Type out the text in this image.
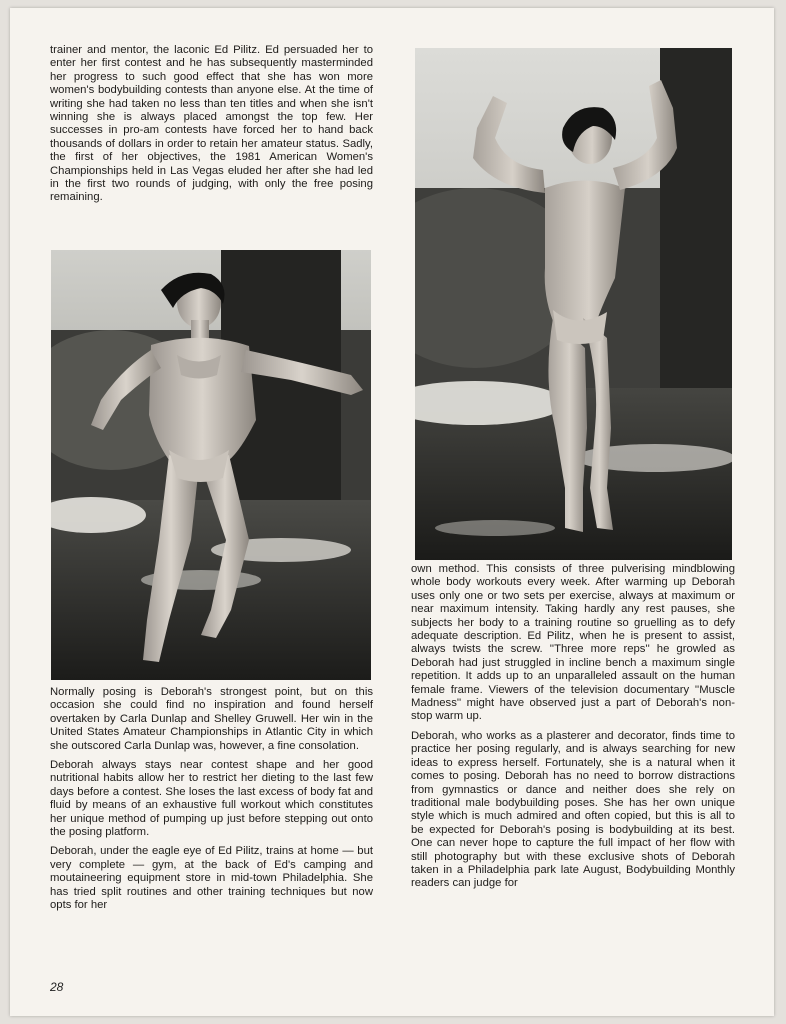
trainer and mentor, the laconic Ed Pilitz. Ed persuaded her to enter her first contest and he has subsequently masterminded her progress to such good effect that she has won more women's bodybuilding contests than anyone else. At the time of writing she had taken no less than ten titles and when she isn't winning she is always placed amongst the top few. Her successes in pro-am contests have forced her to hand back thousands of dollars in order to retain her amateur status. Sadly, the first of her objectives, the 1981 American Women's Championships held in Las Vegas eluded her after she had led in the first two rounds of judging, with only the free posing remaining.

Normally posing is Deborah's strongest point, but on this occasion she could find no inspiration and found herself overtaken by Carla Dunlap and Shelley Gruwell. Her win in the United States Amateur Championships in Atlantic City in which she outscored Carla Dunlap was, however, a fine consolation.

Deborah always stays near contest shape and her good nutritional habits allow her to restrict her dieting to the last few days before a contest. She loses the last excess of body fat and fluid by means of an exhaustive full workout which constitutes her unique method of pumping up just before stepping out onto the posing platform.

Deborah, under the eagle eye of Ed Pilitz, trains at home — but very complete — gym, at the back of Ed's camping and moutaineering equipment store in mid-town Philadelphia. She has tried split routines and other training techniques but now opts for her

own method. This consists of three pulverising mindblowing whole body workouts every week. After warming up Deborah uses only one or two sets per exercise, always at maximum or near maximum intensity. Taking hardly any rest pauses, she subjects her body to a training routine so gruelling as to defy adequate description. Ed Pilitz, when he is present to assist, always twists the screw. ''Three more reps'' he growled as Deborah had just struggled in incline bench a maximum single repetition. It adds up to an unparalleled assault on the human female frame. Viewers of the television documentary ''Muscle Madness'' might have observed just a part of Deborah's non-stop warm up.

Deborah, who works as a plasterer and decorator, finds time to practice her posing regularly, and is always searching for new ideas to express herself. Fortunately, she is a natural when it comes to posing. Deborah has no need to borrow distractions from gymnastics or dance and neither does she rely on traditional male bodybuilding poses. She has her own unique style which is much admired and often copied, but this is all to be expected for Deborah's posing is bodybuilding at its best. One can never hope to capture the full impact of her flow with still photography but with these exclusive shots of Deborah taken in a Philadelphia park late August, Bodybuilding Monthly readers can judge for

28
